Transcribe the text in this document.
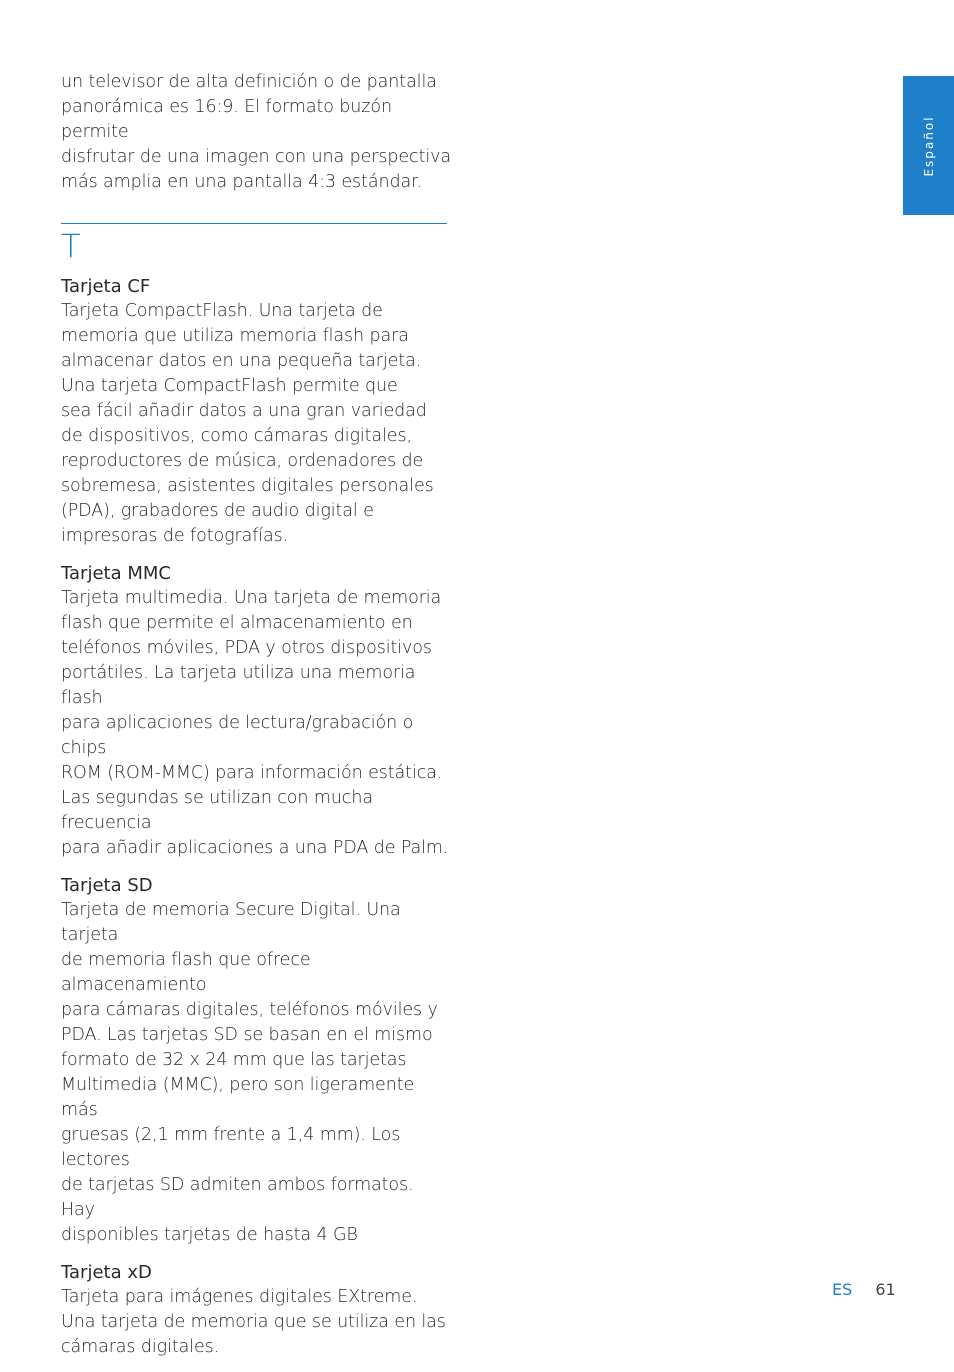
un televisor de alta definición o de pantalla

panorámica es 16:9. El formato buzón permite

disfrutar de una imagen con una perspectiva

más amplia en una pantalla 4:3 estándar.

T

Tarjeta CF

Tarjeta CompactFlash. Una tarjeta de

memoria que utiliza memoria flash para

almacenar datos en una pequeña tarjeta.

Una tarjeta CompactFlash permite que

sea fácil añadir datos a una gran variedad

de dispositivos, como cámaras digitales,

reproductores de música, ordenadores de

sobremesa, asistentes digitales personales

(PDA), grabadores de audio digital e

impresoras de fotografías.

Tarjeta MMC

Tarjeta multimedia. Una tarjeta de memoria

flash que permite el almacenamiento en

teléfonos móviles, PDA y otros dispositivos

portátiles. La tarjeta utiliza una memoria flash

para aplicaciones de lectura/grabación o chips

ROM (ROM-MMC) para información estática.

Las segundas se utilizan con mucha frecuencia

para añadir aplicaciones a una PDA de Palm.

Tarjeta SD

Tarjeta de memoria Secure Digital. Una tarjeta

de memoria flash que ofrece almacenamiento

para cámaras digitales, teléfonos móviles y

PDA. Las tarjetas SD se basan en el mismo

formato de 32 x 24 mm que las tarjetas

Multimedia (MMC), pero son ligeramente más

gruesas (2,1 mm frente a 1,4 mm). Los lectores

de tarjetas SD admiten ambos formatos. Hay

disponibles tarjetas de hasta 4 GB

Tarjeta xD

Tarjeta para imágenes digitales EXtreme.

Una tarjeta de memoria que se utiliza en las

cámaras digitales.

Español
ES 61
